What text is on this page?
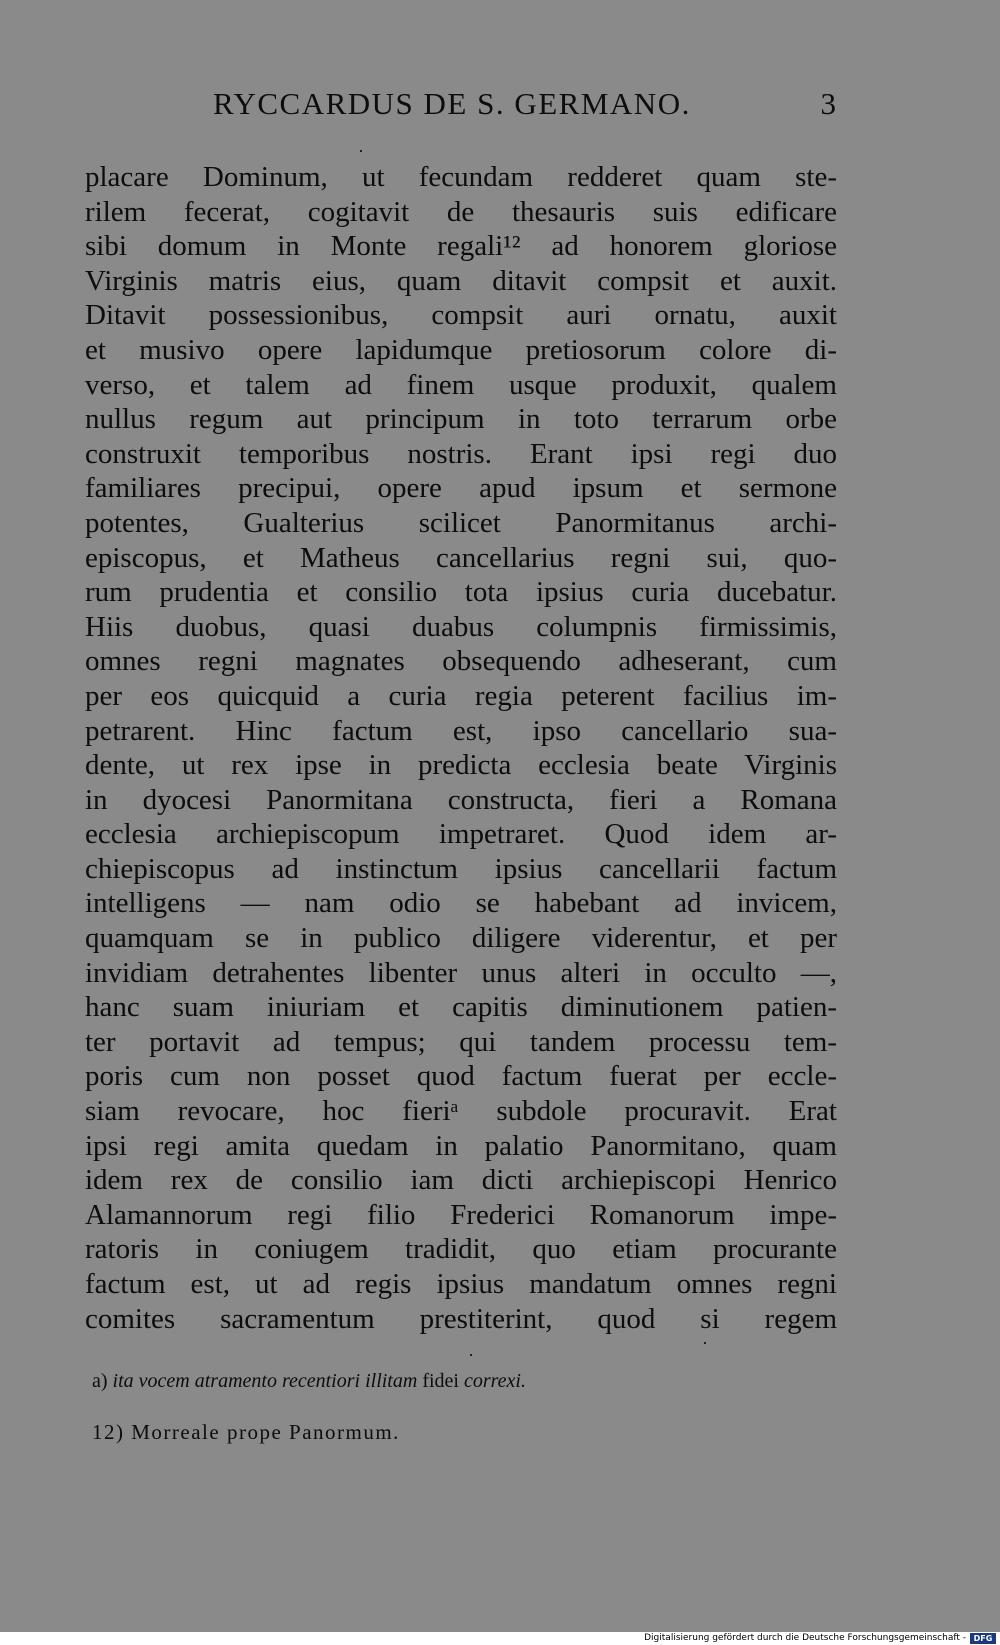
RYCCARDUS DE S. GERMANO.	3
placare Dominum, ut fecundam redderet quam ste-
rilem fecerat, cogitavit de thesauris suis edificare
sibi domum in Monte regali¹² ad honorem gloriose
Virginis matris eius, quam ditavit compsit et auxit.
Ditavit possessionibus, compsit auri ornatu, auxit
et musivo opere lapidumque pretiosorum colore di-
verso, et talem ad finem usque produxit, qualem
nullus regum aut principum in toto terrarum orbe
construxit temporibus nostris. Erant ipsi regi duo
familiares precipui, opere apud ipsum et sermone
potentes, Gualterius scilicet Panormitanus archi-
episcopus, et Matheus cancellarius regni sui, quo-
rum prudentia et consilio tota ipsius curia ducebatur.
Hiis duobus, quasi duabus columpnis firmissimis,
omnes regni magnates obsequendo adheserant, cum
per eos quicquid a curia regia peterent facilius im-
petrarent. Hinc factum est, ipso cancellario sua-
dente, ut rex ipse in predicta ecclesia beate Virginis
in dyocesi Panormitana constructa, fieri a Romana
ecclesia archiepiscopum impetraret. Quod idem ar-
chiepiscopus ad instinctum ipsius cancellarii factum
intelligens — nam odio se habebant ad invicem,
quamquam se in publico diligere viderentur, et per
invidiam detrahentes libenter unus alteri in occulto —,
hanc suam iniuriam et capitis diminutionem patien-
ter portavit ad tempus; qui tandem processu tem-
poris cum non posset quod factum fuerat per eccle-
siam revocare, hoc fieriᵃ subdole procuravit. Erat
ipsi regi amita quedam in palatio Panormitano, quam
idem rex de consilio iam dicti archiepiscopi Henrico
Alamannorum regi filio Frederici Romanorum impe-
ratoris in coniugem tradidit, quo etiam procurante
factum est, ut ad regis ipsius mandatum omnes regni
comites sacramentum prestiterint, quod si regem
a) ita vocem atramento recentiori illitam fidei correxi.
12) Morreale prope Panormum.
Digitalisierung gefördert durch die Deutsche Forschungsgemeinschaft - DFG
